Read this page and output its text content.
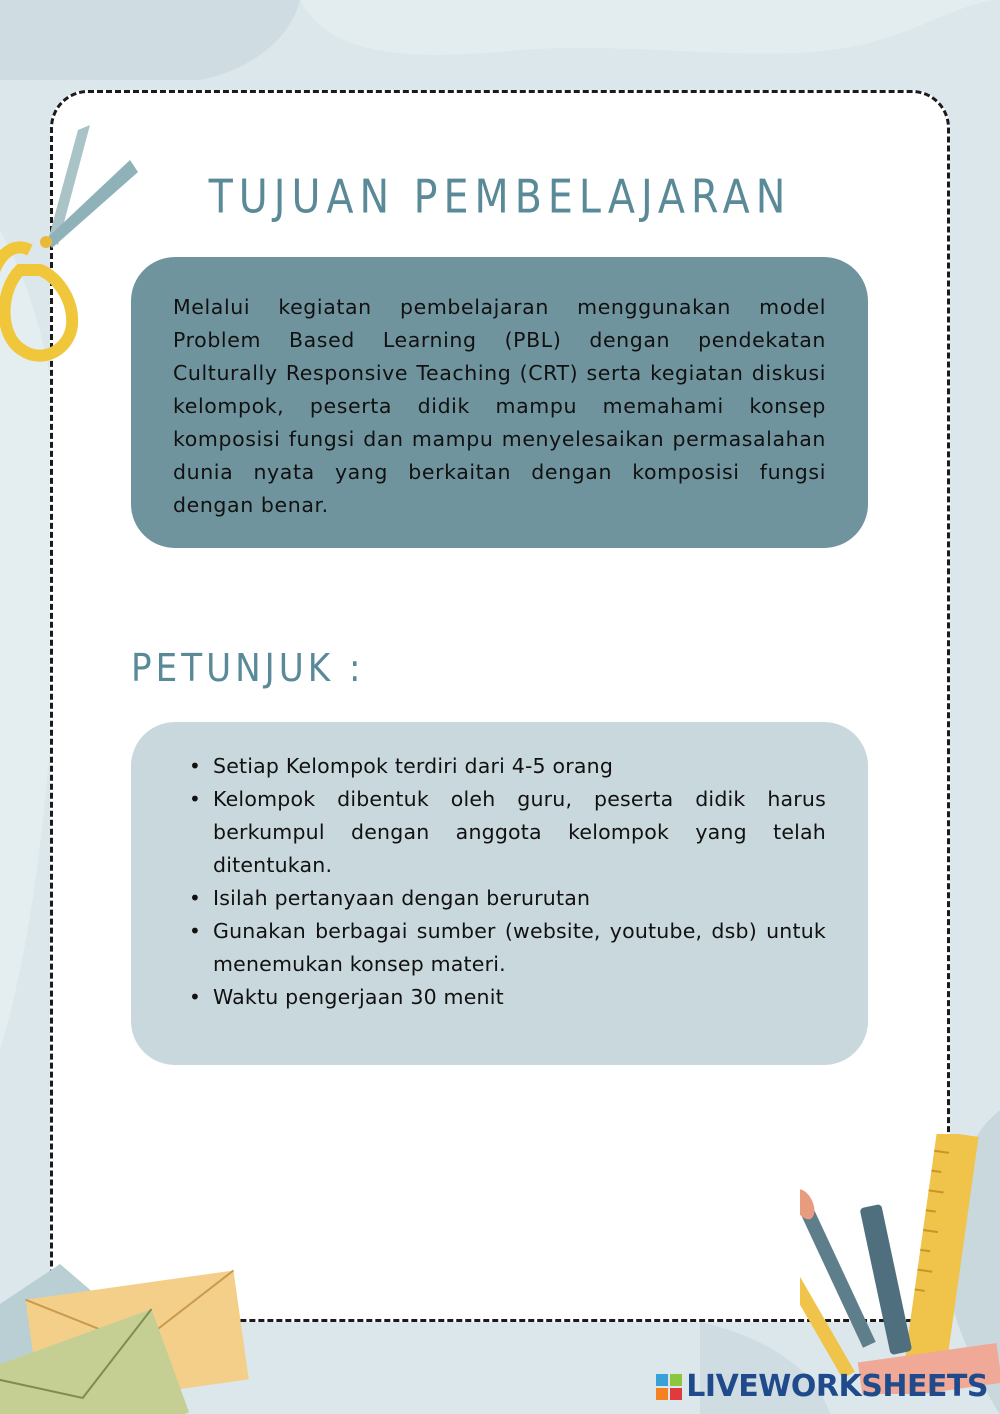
TUJUAN PEMBELAJARAN

Melalui kegiatan pembelajaran menggunakan model Problem Based Learning (PBL) dengan pendekatan Culturally Responsive Teaching (CRT) serta kegiatan diskusi kelompok, peserta didik mampu memahami konsep komposisi fungsi dan mampu menyelesaikan permasalahan dunia nyata yang berkaitan dengan komposisi fungsi dengan benar.

PETUNJUK :
• Setiap Kelompok terdiri dari 4-5 orang
• Kelompok dibentuk oleh guru, peserta didik harus berkumpul dengan anggota kelompok yang telah ditentukan.
• Isilah pertanyaan dengan berurutan
• Gunakan berbagai sumber (website, youtube, dsb) untuk menemukan konsep materi.
• Waktu pengerjaan 30 menit
LIVEWORKSHEETS
